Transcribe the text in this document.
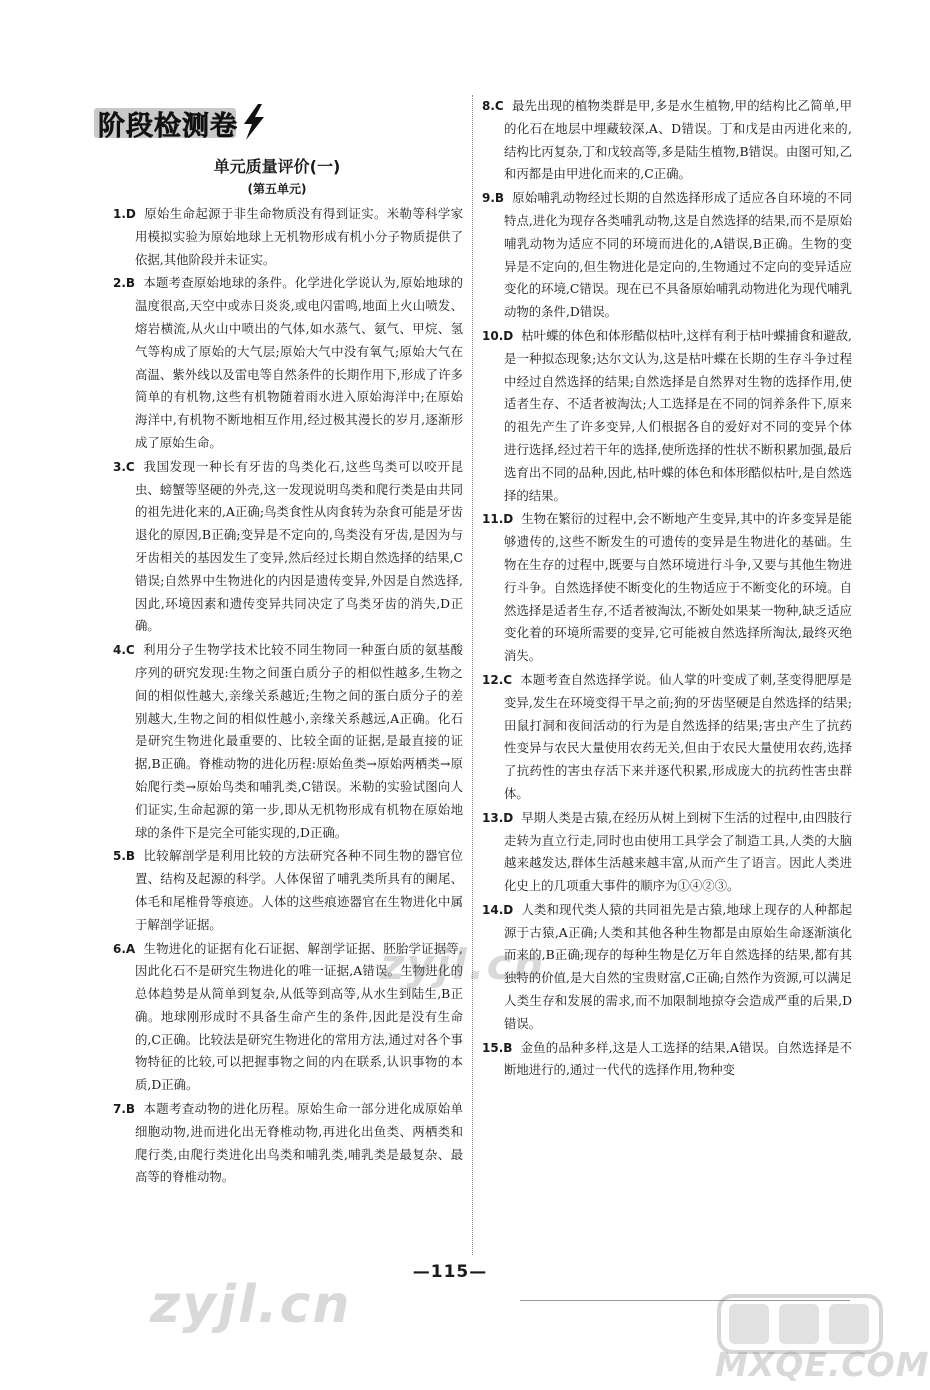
阶段检测卷
单元质量评价(一)
(第五单元)
1.D 原始生命起源于非生命物质没有得到证实。米勒等科学家用模拟实验为原始地球上无机物形成有机小分子物质提供了依据,其他阶段并未证实。
2.B 本题考查原始地球的条件。化学进化学说认为,原始地球的温度很高,天空中或赤日炎炎,或电闪雷鸣,地面上火山喷发、熔岩横流,从火山中喷出的气体,如水蒸气、氨气、甲烷、氢气等构成了原始的大气层;原始大气中没有氧气;原始大气在高温、紫外线以及雷电等自然条件的长期作用下,形成了许多简单的有机物,这些有机物随着雨水进入原始海洋中;在原始海洋中,有机物不断地相互作用,经过极其漫长的岁月,逐渐形成了原始生命。
3.C 我国发现一种长有牙齿的鸟类化石,这些鸟类可以咬开昆虫、螃蟹等坚硬的外壳,这一发现说明鸟类和爬行类是由共同的祖先进化来的,A正确;鸟类食性从肉食转为杂食可能是牙齿退化的原因,B正确;变异是不定向的,鸟类没有牙齿,是因为与牙齿相关的基因发生了变异,然后经过长期自然选择的结果,C错误;自然界中生物进化的内因是遗传变异,外因是自然选择,因此,环境因素和遗传变异共同决定了鸟类牙齿的消失,D正确。
4.C 利用分子生物学技术比较不同生物同一种蛋白质的氨基酸序列的研究发现:生物之间蛋白质分子的相似性越多,生物之间的相似性越大,亲缘关系越近;生物之间的蛋白质分子的差别越大,生物之间的相似性越小,亲缘关系越远,A正确。化石是研究生物进化最重要的、比较全面的证据,是最直接的证据,B正确。脊椎动物的进化历程:原始鱼类→原始两栖类→原始爬行类→原始鸟类和哺乳类,C错误。米勒的实验试图向人们证实,生命起源的第一步,即从无机物形成有机物在原始地球的条件下是完全可能实现的,D正确。
5.B 比较解剖学是利用比较的方法研究各种不同生物的器官位置、结构及起源的科学。人体保留了哺乳类所具有的阑尾、体毛和尾椎骨等痕迹。人体的这些痕迹器官在生物进化中属于解剖学证据。
6.A 生物进化的证据有化石证据、解剖学证据、胚胎学证据等,因此化石不是研究生物进化的唯一证据,A错误。生物进化的总体趋势是从简单到复杂,从低等到高等,从水生到陆生,B正确。地球刚形成时不具备生命产生的条件,因此是没有生命的,C正确。比较法是研究生物进化的常用方法,通过对各个事物特征的比较,可以把握事物之间的内在联系,认识事物的本质,D正确。
7.B 本题考查动物的进化历程。原始生命一部分进化成原始单细胞动物,进而进化出无脊椎动物,再进化出鱼类、两栖类和爬行类,由爬行类进化出鸟类和哺乳类,哺乳类是最复杂、最高等的脊椎动物。
8.C 最先出现的植物类群是甲,多是水生植物,甲的结构比乙简单,甲的化石在地层中埋藏较深,A、D错误。丁和戊是由丙进化来的,结构比丙复杂,丁和戊较高等,多是陆生植物,B错误。由图可知,乙和丙都是由甲进化而来的,C正确。
9.B 原始哺乳动物经过长期的自然选择形成了适应各自环境的不同特点,进化为现存各类哺乳动物,这是自然选择的结果,而不是原始哺乳动物为适应不同的环境而进化的,A错误,B正确。生物的变异是不定向的,但生物进化是定向的,生物通过不定向的变异适应变化的环境,C错误。现在已不具备原始哺乳动物进化为现代哺乳动物的条件,D错误。
10.D 枯叶蝶的体色和体形酷似枯叶,这样有利于枯叶蝶捕食和避敌,是一种拟态现象;达尔文认为,这是枯叶蝶在长期的生存斗争过程中经过自然选择的结果;自然选择是自然界对生物的选择作用,使适者生存、不适者被淘汰;人工选择是在不同的饲养条件下,原来的祖先产生了许多变异,人们根据各自的爱好对不同的变异个体进行选择,经过若干年的选择,使所选择的性状不断积累加强,最后选育出不同的品种,因此,枯叶蝶的体色和体形酷似枯叶,是自然选择的结果。
11.D 生物在繁衍的过程中,会不断地产生变异,其中的许多变异是能够遗传的,这些不断发生的可遗传的变异是生物进化的基础。生物在生存的过程中,既要与自然环境进行斗争,又要与其他生物进行斗争。自然选择使不断变化的生物适应于不断变化的环境。自然选择是适者生存,不适者被淘汰,不断处如果某一物种,缺乏适应变化着的环境所需要的变异,它可能被自然选择所淘汰,最终灭绝消失。
12.C 本题考查自然选择学说。仙人掌的叶变成了刺,茎变得肥厚是变异,发生在环境变得干旱之前;狗的牙齿坚硬是自然选择的结果;田鼠打洞和夜间活动的行为是自然选择的结果;害虫产生了抗药性变异与农民大量使用农药无关,但由于农民大量使用农药,选择了抗药性的害虫存活下来并逐代积累,形成庞大的抗药性害虫群体。
13.D 早期人类是古猿,在经历从树上到树下生活的过程中,由四肢行走转为直立行走,同时也由使用工具学会了制造工具,人类的大脑越来越发达,群体生活越来越丰富,从而产生了语言。因此人类进化史上的几项重大事件的顺序为①④②③。
14.D 人类和现代类人猿的共同祖先是古猿,地球上现存的人种都起源于古猿,A正确;人类和其他各种生物都是由原始生命逐渐演化而来的,B正确;现存的每种生物是亿万年自然选择的结果,都有其独特的价值,是大自然的宝贵财富,C正确;自然作为资源,可以满足人类生存和发展的需求,而不加限制地掠夺会造成严重的后果,D错误。
15.B 金鱼的品种多样,这是人工选择的结果,A错误。自然选择是不断地进行的,通过一代代的选择作用,物种变
—115—
zyjl.cn
zyjl.cn
MXQE.COM
